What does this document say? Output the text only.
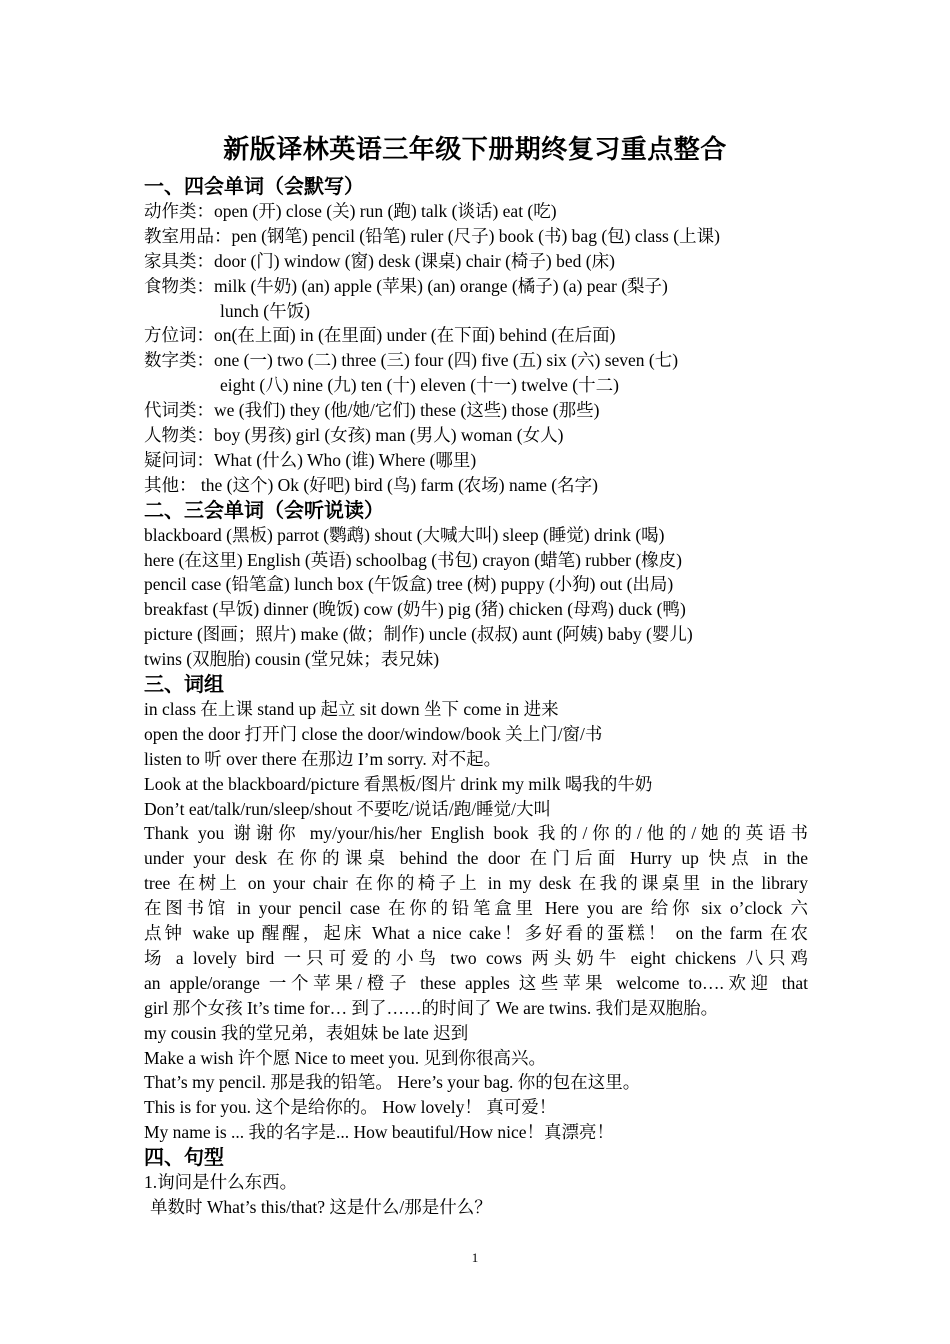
新版译林英语三年级下册期终复习重点整合
一、四会单词（会默写）
动作类：open (开) close (关) run (跑) talk (谈话) eat (吃)
教室用品：pen (钢笔) pencil (铅笔) ruler (尺子) book (书) bag (包) class (上课)
家具类：door (门) window (窗) desk (课桌) chair (椅子) bed (床)
食物类：milk (牛奶) (an) apple (苹果) (an) orange (橘子) (a) pear (梨子)
lunch (午饭)
方位词：on(在上面) in (在里面) under (在下面) behind (在后面)
数字类：one (一) two (二) three (三) four (四) five (五) six (六) seven (七)
eight (八) nine (九) ten (十) eleven (十一) twelve (十二)
代词类：we (我们) they (他/她/它们) these (这些) those (那些)
人物类：boy (男孩) girl (女孩) man (男人) woman (女人)
疑问词：What (什么) Who (谁) Where (哪里)
其他： the (这个) Ok (好吧) bird (鸟) farm (农场) name (名字)
二、三会单词（会听说读）
blackboard (黑板) parrot (鹦鹉) shout (大喊大叫) sleep (睡觉) drink (喝)
here (在这里) English (英语) schoolbag (书包) crayon (蜡笔) rubber (橡皮)
pencil case (铅笔盒) lunch box (午饭盒) tree (树) puppy (小狗) out (出局)
breakfast (早饭) dinner (晚饭) cow (奶牛) pig (猪) chicken (母鸡) duck (鸭)
picture (图画；照片) make (做；制作) uncle (叔叔) aunt (阿姨) baby (婴儿)
twins (双胞胎) cousin (堂兄妹；表兄妹)
三、词组
in class 在上课 stand up 起立 sit down 坐下 come in 进来
open the door 打开门 close the door/window/book 关上门/窗/书
listen to 听 over there 在那边 I’m sorry. 对不起。
Look at the blackboard/picture 看黑板/图片 drink my milk 喝我的牛奶
Don’t eat/talk/run/sleep/shout 不要吃/说话/跑/睡觉/大叫
Thank you 谢谢你 my/your/his/her English book 我的/你的/他的/她的英语书
under your desk 在你的课桌 behind the door 在门后面 Hurry up 快点 in the
tree 在树上 on your chair 在你的椅子上 in my desk 在我的课桌里 in the library
在图书馆 in your pencil case 在你的铅笔盒里 Here you are 给你 six o’clock 六
点钟 wake up 醒醒，起床 What a nice cake！多好看的蛋糕！ on the farm 在农
场 a lovely bird 一只可爱的小鸟 two cows 两头奶牛 eight chickens 八只鸡
an apple/orange 一个苹果/橙子 these apples 这些苹果 welcome to….欢迎 that
girl 那个女孩 It’s time for… 到了……的时间了 We are twins. 我们是双胞胎。
my cousin 我的堂兄弟，表姐妹 be late 迟到
Make a wish 许个愿 Nice to meet you. 见到你很高兴。
That’s my pencil. 那是我的铅笔。 Here’s your bag. 你的包在这里。
This is for you. 这个是给你的。 How lovely！ 真可爱！
My name is ... 我的名字是... How beautiful/How nice！真漂亮！
四、句型
1.询问是什么东西。
单数时 What’s this/that? 这是什么/那是什么？
1
